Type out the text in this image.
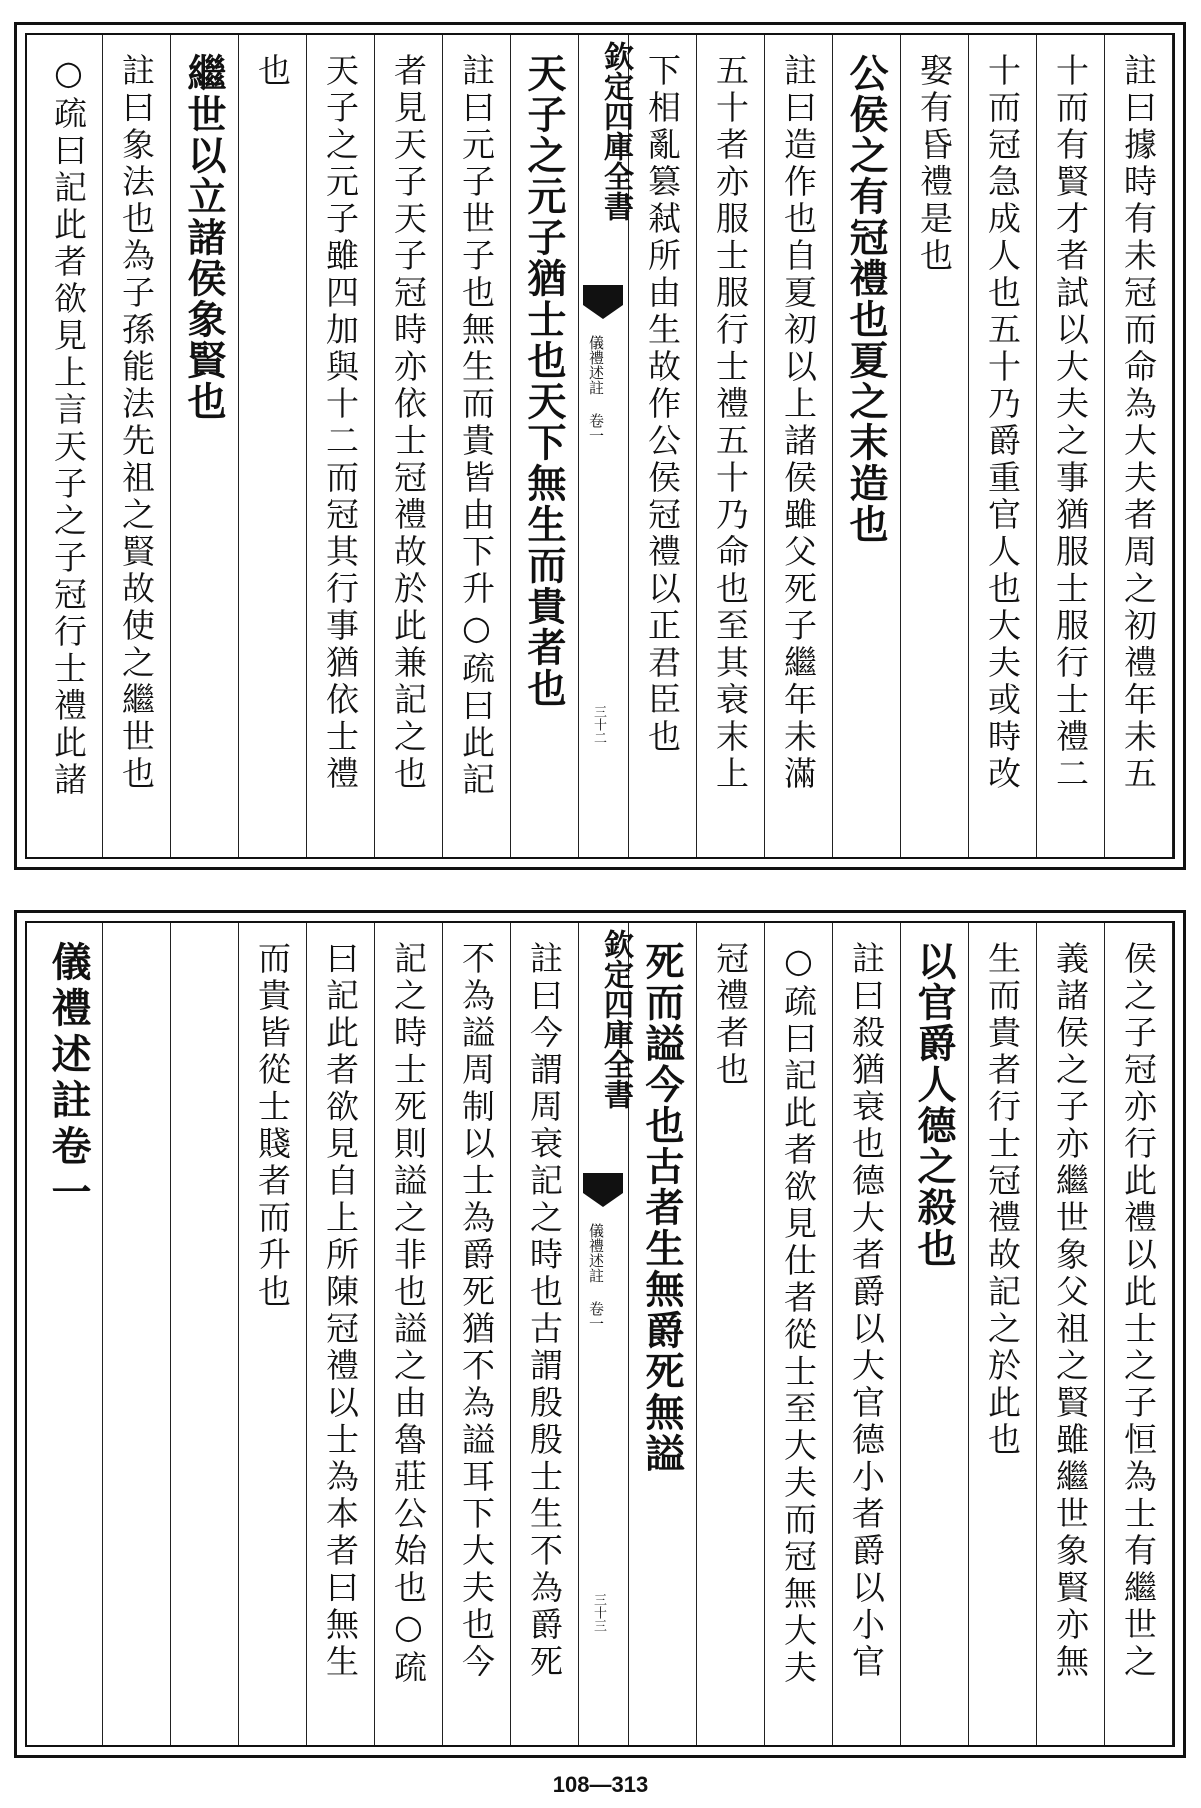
註曰據時有未冠而命為大夫者周之初禮年未五
十而有賢才者試以大夫之事猶服士服行士禮二
十而冠急成人也五十乃爵重官人也大夫或時改
娶有昏禮是也
公侯之有冠禮也夏之末造也
註曰造作也自夏初以上諸侯雖父死子繼年未滿
五十者亦服士服行士禮五十乃命也至其衰末上
下相亂篡弒所由生故作公侯冠禮以正君臣也
欽定四庫全書
儀禮述註 卷一
三十二
天子之元子猶士也天下無生而貴者也
註曰元子世子也無生而貴皆由下升○疏曰此記
者見天子天子冠時亦依士冠禮故於此兼記之也
天子之元子雖四加與十二而冠其行事猶依士禮
也
繼世以立諸侯象賢也
註曰象法也為子孫能法先祖之賢故使之繼世也
○疏曰記此者欲見上言天子之子冠行士禮此諸
侯之子冠亦行此禮以此士之子恒為士有繼世之
義諸侯之子亦繼世象父祖之賢雖繼世象賢亦無
生而貴者行士冠禮故記之於此也
以官爵人德之殺也
註曰殺猶衰也德大者爵以大官德小者爵以小官
○疏曰記此者欲見仕者從士至大夫而冠無大夫
冠禮者也
死而謚今也古者生無爵死無謚
欽定四庫全書
儀禮述註 卷一
三十三
註曰今謂周衰記之時也古謂殷殷士生不為爵死
不為謚周制以士為爵死猶不為謚耳下大夫也今
記之時士死則謚之非也謚之由魯莊公始也○疏
曰記此者欲見自上所陳冠禮以士為本者曰無生
而貴皆從士賤者而升也
儀禮述註卷一
108—313
